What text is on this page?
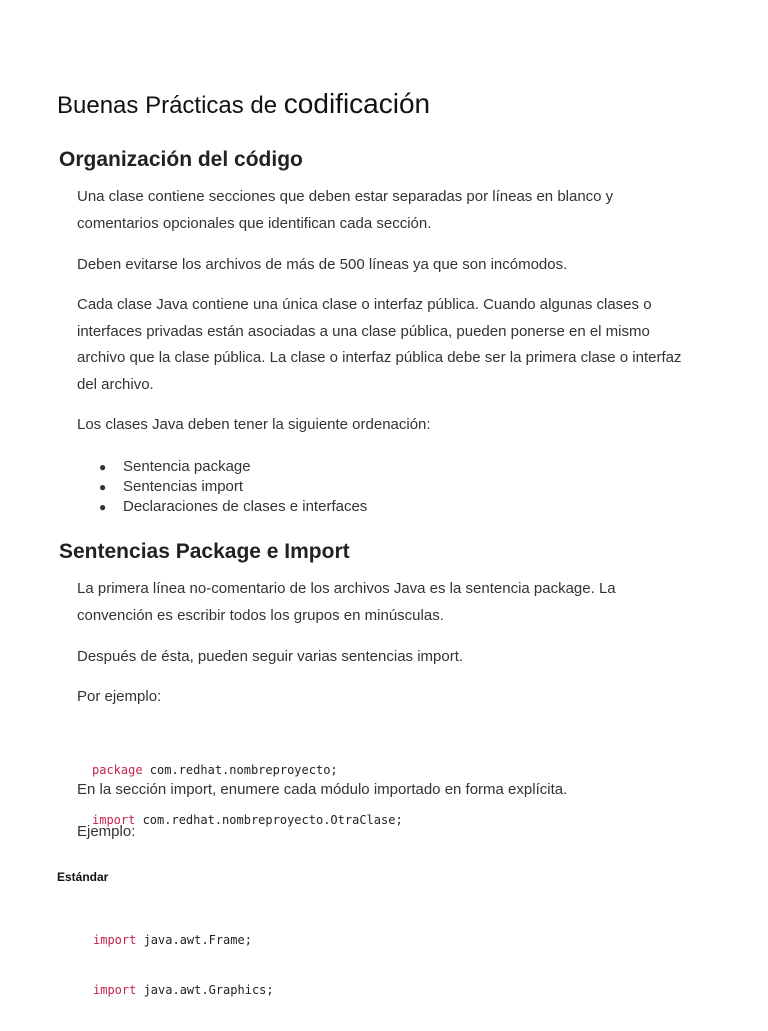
Buenas Prácticas de codificación
Organización del código

Una clase contiene secciones que deben estar separadas por líneas en blanco y comentarios opcionales que identifican cada sección.

Deben evitarse los archivos de más de 500 líneas ya que son incómodos.

Cada clase Java contiene una única clase o interfaz pública. Cuando algunas clases o interfaces privadas están asociadas a una clase pública, pueden ponerse en el mismo archivo que la clase pública. La clase o interfaz pública debe ser la primera clase o interfaz del archivo.

Los clases Java deben tener la siguiente ordenación:

● Sentencia package
● Sentencias import
● Declaraciones de clases e interfaces
Sentencias Package e Import

La primera línea no-comentario de los archivos Java es la sentencia package. La convención es escribir todos los grupos en minúsculas.

Después de ésta, pueden seguir varias sentencias import.

Por ejemplo:

package com.redhat.nombreproyecto;

import com.redhat.nombreproyecto.OtraClase;

En la sección import, enumere cada módulo importado en forma explícita.

Ejemplo:

Estándar

import java.awt.Frame;

import java.awt.Graphics;
